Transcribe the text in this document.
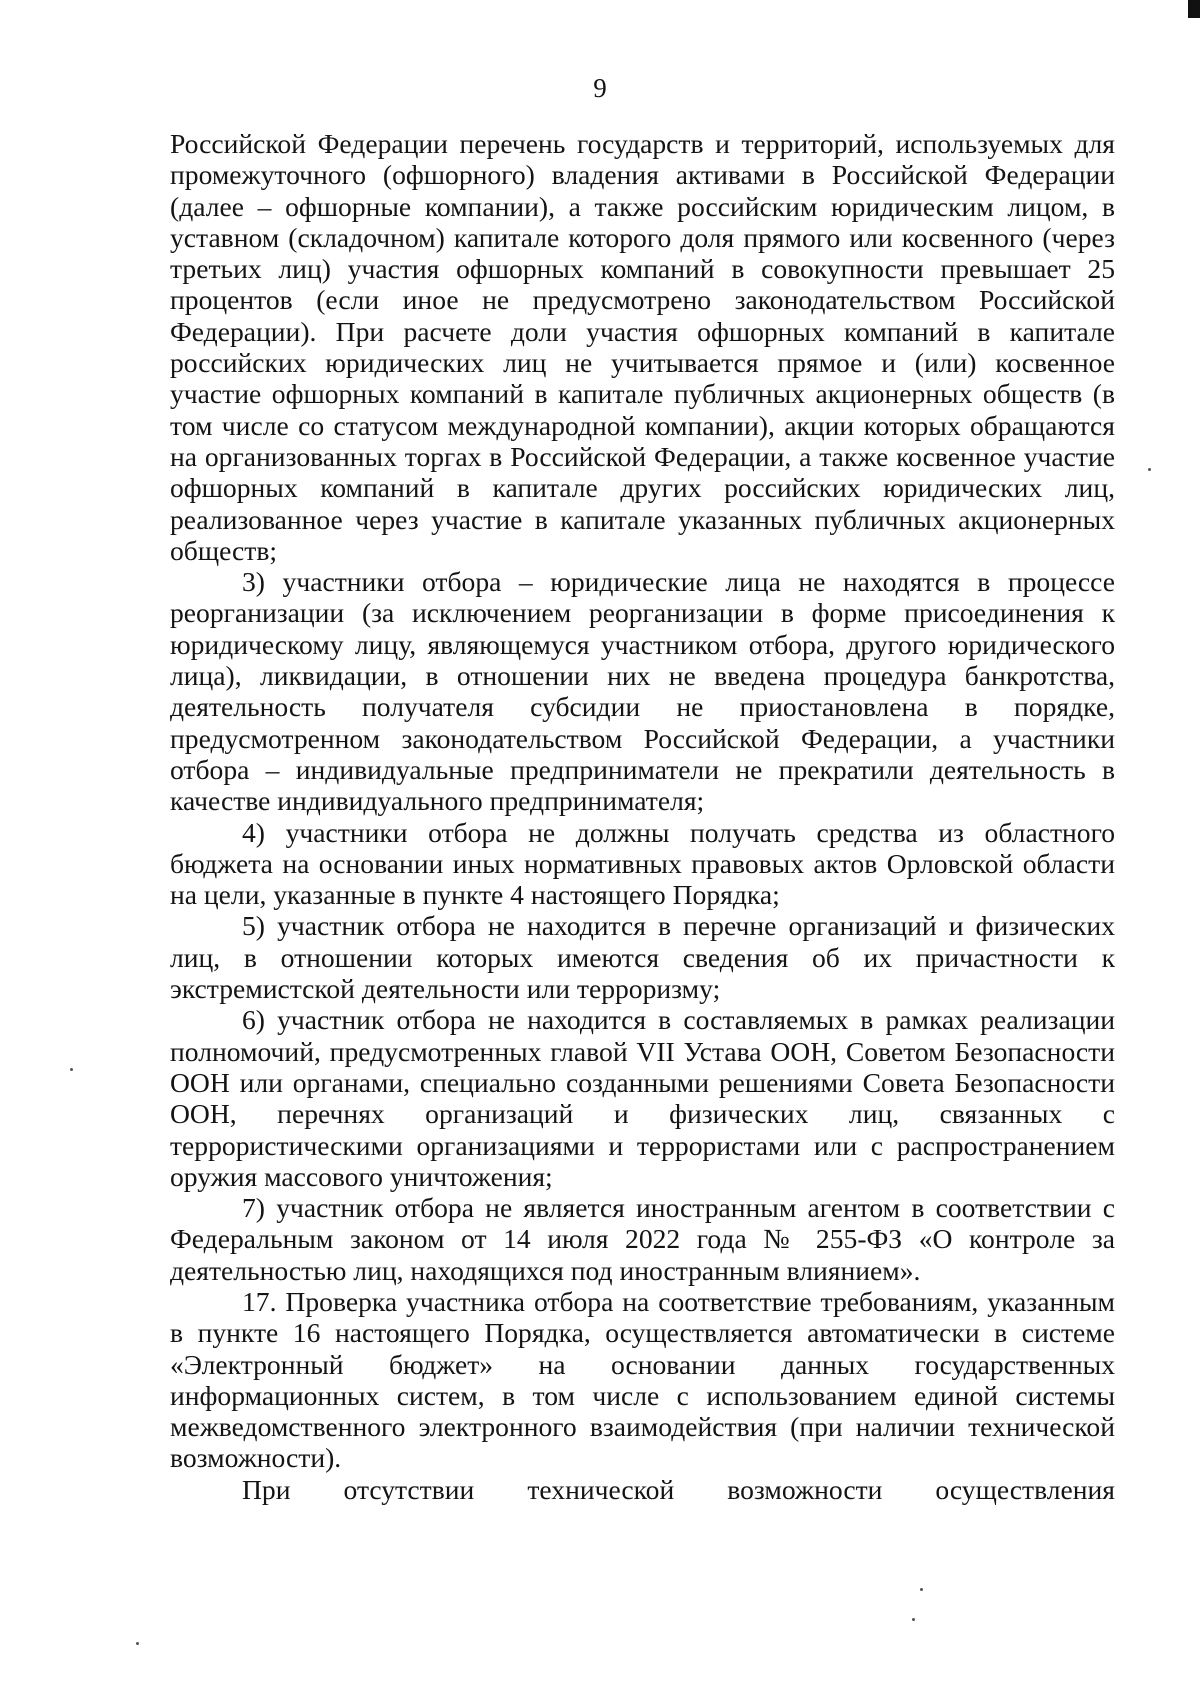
9

Российской Федерации перечень государств и территорий, используемых для промежуточного (офшорного) владения активами в Российской Федерации (далее – офшорные компании), а также российским юридическим лицом, в уставном (складочном) капитале которого доля прямого или косвенного (через третьих лиц) участия офшорных компаний в совокупности превышает 25 процентов (если иное не предусмотрено законодательством Российской Федерации). При расчете доли участия офшорных компаний в капитале российских юридических лиц не учитывается прямое и (или) косвенное участие офшорных компаний в капитале публичных акционерных обществ (в том числе со статусом международной компании), акции которых обращаются на организованных торгах в Российской Федерации, а также косвенное участие офшорных компаний в капитале других российских юридических лиц, реализованное через участие в капитале указанных публичных акционерных обществ;

3) участники отбора – юридические лица не находятся в процессе реорганизации (за исключением реорганизации в форме присоединения к юридическому лицу, являющемуся участником отбора, другого юридического лица), ликвидации, в отношении них не введена процедура банкротства, деятельность получателя субсидии не приостановлена в порядке, предусмотренном законодательством Российской Федерации, а участники отбора – индивидуальные предприниматели не прекратили деятельность в качестве индивидуального предпринимателя;

4) участники отбора не должны получать средства из областного бюджета на основании иных нормативных правовых актов Орловской области на цели, указанные в пункте 4 настоящего Порядка;

5) участник отбора не находится в перечне организаций и физических лиц, в отношении которых имеются сведения об их причастности к экстремистской деятельности или терроризму;

6) участник отбора не находится в составляемых в рамках реализации полномочий, предусмотренных главой VII Устава ООН, Советом Безопасности ООН или органами, специально созданными решениями Совета Безопасности ООН, перечнях организаций и физических лиц, связанных с террористическими организациями и террористами или с распространением оружия массового уничтожения;

7) участник отбора не является иностранным агентом в соответствии с Федеральным законом от 14 июля 2022 года № 255-ФЗ «О контроле за деятельностью лиц, находящихся под иностранным влиянием».

17. Проверка участника отбора на соответствие требованиям, указанным в пункте 16 настоящего Порядка, осуществляется автоматически в системе «Электронный бюджет» на основании данных государственных информационных систем, в том числе с использованием единой системы межведомственного электронного взаимодействия (при наличии технической возможности).

При отсутствии технической возможности осуществления
